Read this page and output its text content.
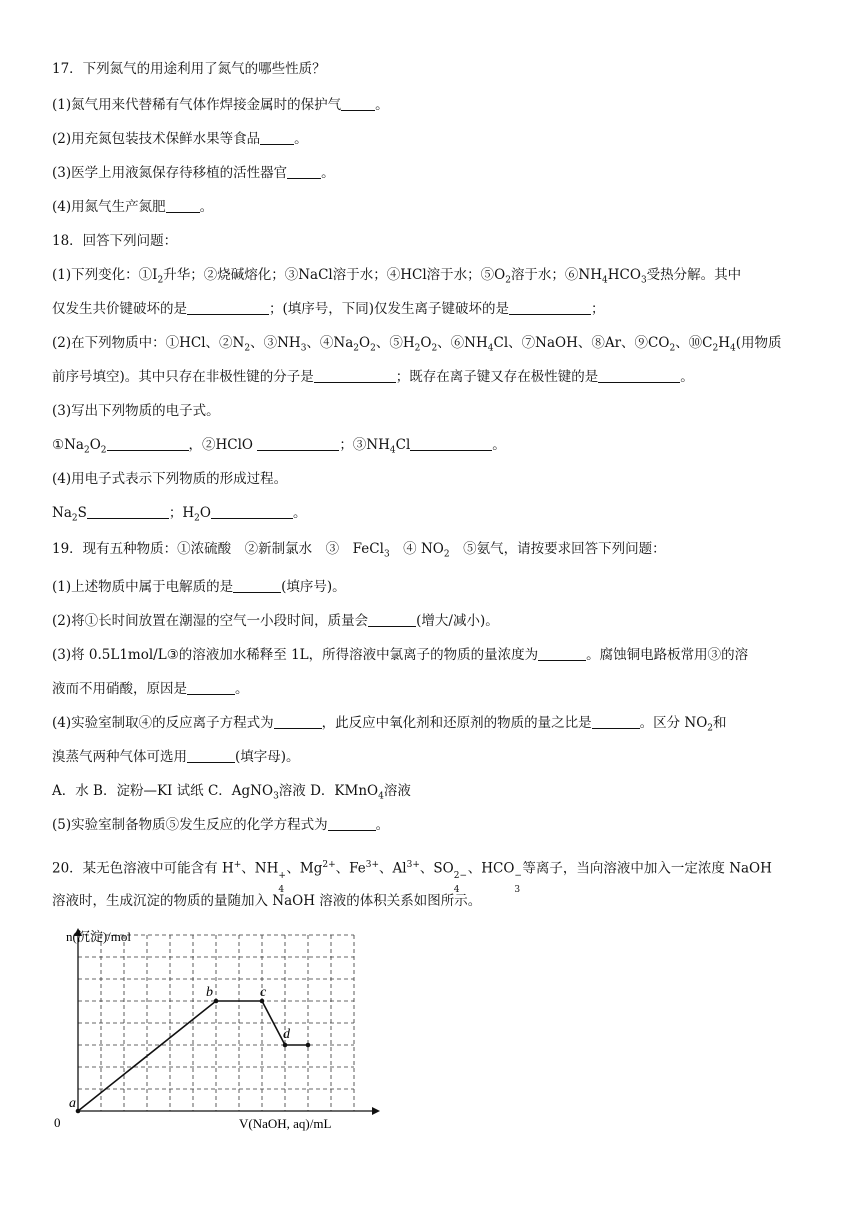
17．下列氮气的用途利用了氮气的哪些性质？
(1)氮气用来代替稀有气体作焊接金属时的保护气	。
(2)用充氮包装技术保鲜水果等食品	。
(3)医学上用液氮保存待移植的活性器官	。
(4)用氮气生产氮肥	。
18．回答下列问题：
(1)下列变化：$①I_2$升华；②烧碱熔化；③NaCl溶于水；④HCl溶于水；$⑤O_2$溶于水；$⑥NH_4HCO_3$受热分解。其中
仅发生共价键破坏的是	；(填序号，下同)仅发生离子键破坏的是	；
(2)在下列物质中：①HCl、$②N_2$、$③NH_3$、$④Na_2O_2$、$⑤H_2O_2$、$⑥NH_4Cl$、⑦NaOH、⑧Ar、$⑨CO_2$、$⑩C_2H_4$(用物质
前序号填空)。其中只存在非极性键的分子是	；既存在离子键又存在极性键的是	。
(3)写出下列物质的电子式。
$①Na_2O_2$	，②HClO	；$③NH_4Cl$	。
(4)用电子式表示下列物质的形成过程。
$Na_2S$	；$H_2O$	。
19．现有五种物质：①浓硫酸　②新制氯水　③　FeCl$_3$　④ $NO_2$　⑤氨气，请按要求回答下列问题：
(1)上述物质中属于电解质的是	(填序号)。
(2)将①长时间放置在潮湿的空气一小段时间，质量会	(增大/减小)。
(3)将 0.5L1mol/L③的溶液加水稀释至 1L，所得溶液中氯离子的物质的量浓度为	。腐蚀铜电路板常用③的溶
液而不用硝酸，原因是	。
(4)实验室制取④的反应离子方程式为	，此反应中氧化剂和还原剂的物质的量之比是	。区分 $NO_2$和
溴蒸气两种气体可选用	(填字母)。
A．水 B．淀粉—KI 试纸 C．AgNO$_3$溶液 D．KMnO$_4$溶液
(5)实验室制备物质⑤发生反应的化学方程式为	。
20．某无色溶液中可能含有 H+、NH +
4
、$Mg^{2+}$、$Fe^{3+}$、$Al^{3+}$、SO 2−
4
、HCO −
3
等离子，当向溶液中加入一定浓度 NaOH
溶液时，生成沉淀的物质的量随加入 NaOH 溶液的体积关系如图所示。
a
b	c
d
0
n(沉淀)/mol
V(NaOH, aq)/mL
